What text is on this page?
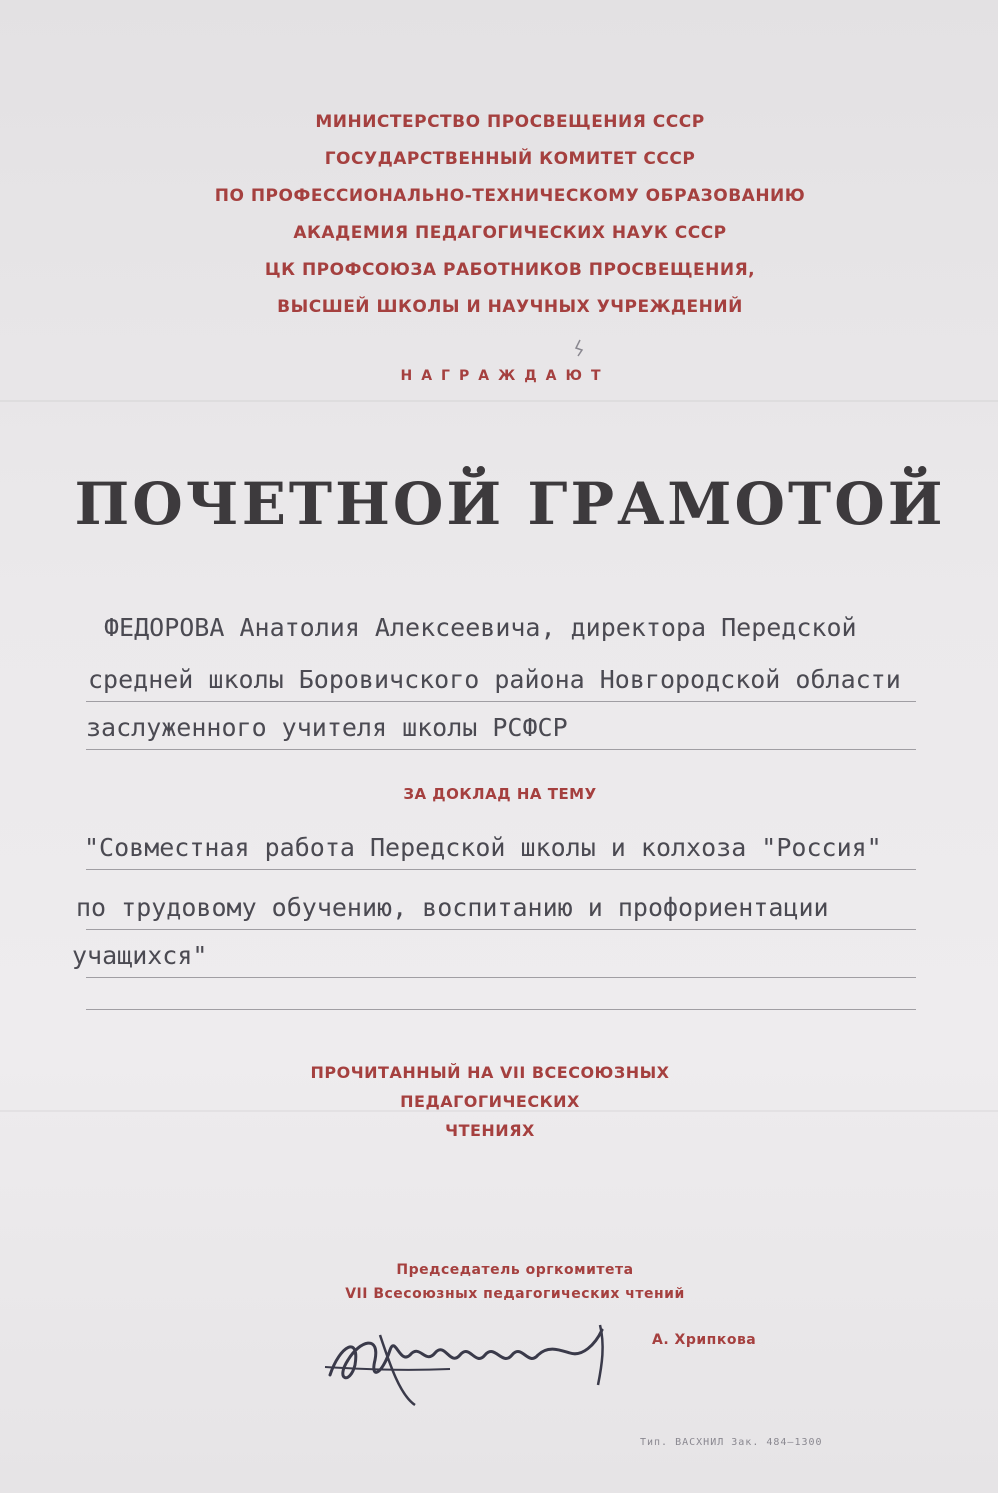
МИНИСТЕРСТВО ПРОСВЕЩЕНИЯ СССР
ГОСУДАРСТВЕННЫЙ КОМИТЕТ СССР
ПО ПРОФЕССИОНАЛЬНО-ТЕХНИЧЕСКОМУ ОБРАЗОВАНИЮ
АКАДЕМИЯ ПЕДАГОГИЧЕСКИХ НАУК СССР
ЦК ПРОФСОЮЗА РАБОТНИКОВ ПРОСВЕЩЕНИЯ,
ВЫСШЕЙ ШКОЛЫ И НАУЧНЫХ УЧРЕЖДЕНИЙ
НАГРАЖДАЮТ
ПОЧЕТНОЙ ГРАМОТОЙ
ФЕДОРОВА Анатолия Алексеевича, директора Передской
средней школы Боровичского района Новгородской области
заслуженного учителя школы РСФСР
ЗА ДОКЛАД НА ТЕМУ
"Совместная работа Передской школы и колхоза "Россия"
по трудовому обучению, воспитанию и профориентации
учащихся"
ПРОЧИТАННЫЙ НА VII ВСЕСОЮЗНЫХ
ПЕДАГОГИЧЕСКИХ
ЧТЕНИЯХ
Председатель оргкомитета
VII Всесоюзных педагогических чтений
А. Хрипкова
Тип. ВАСХНИЛ Зак. 484—1300
